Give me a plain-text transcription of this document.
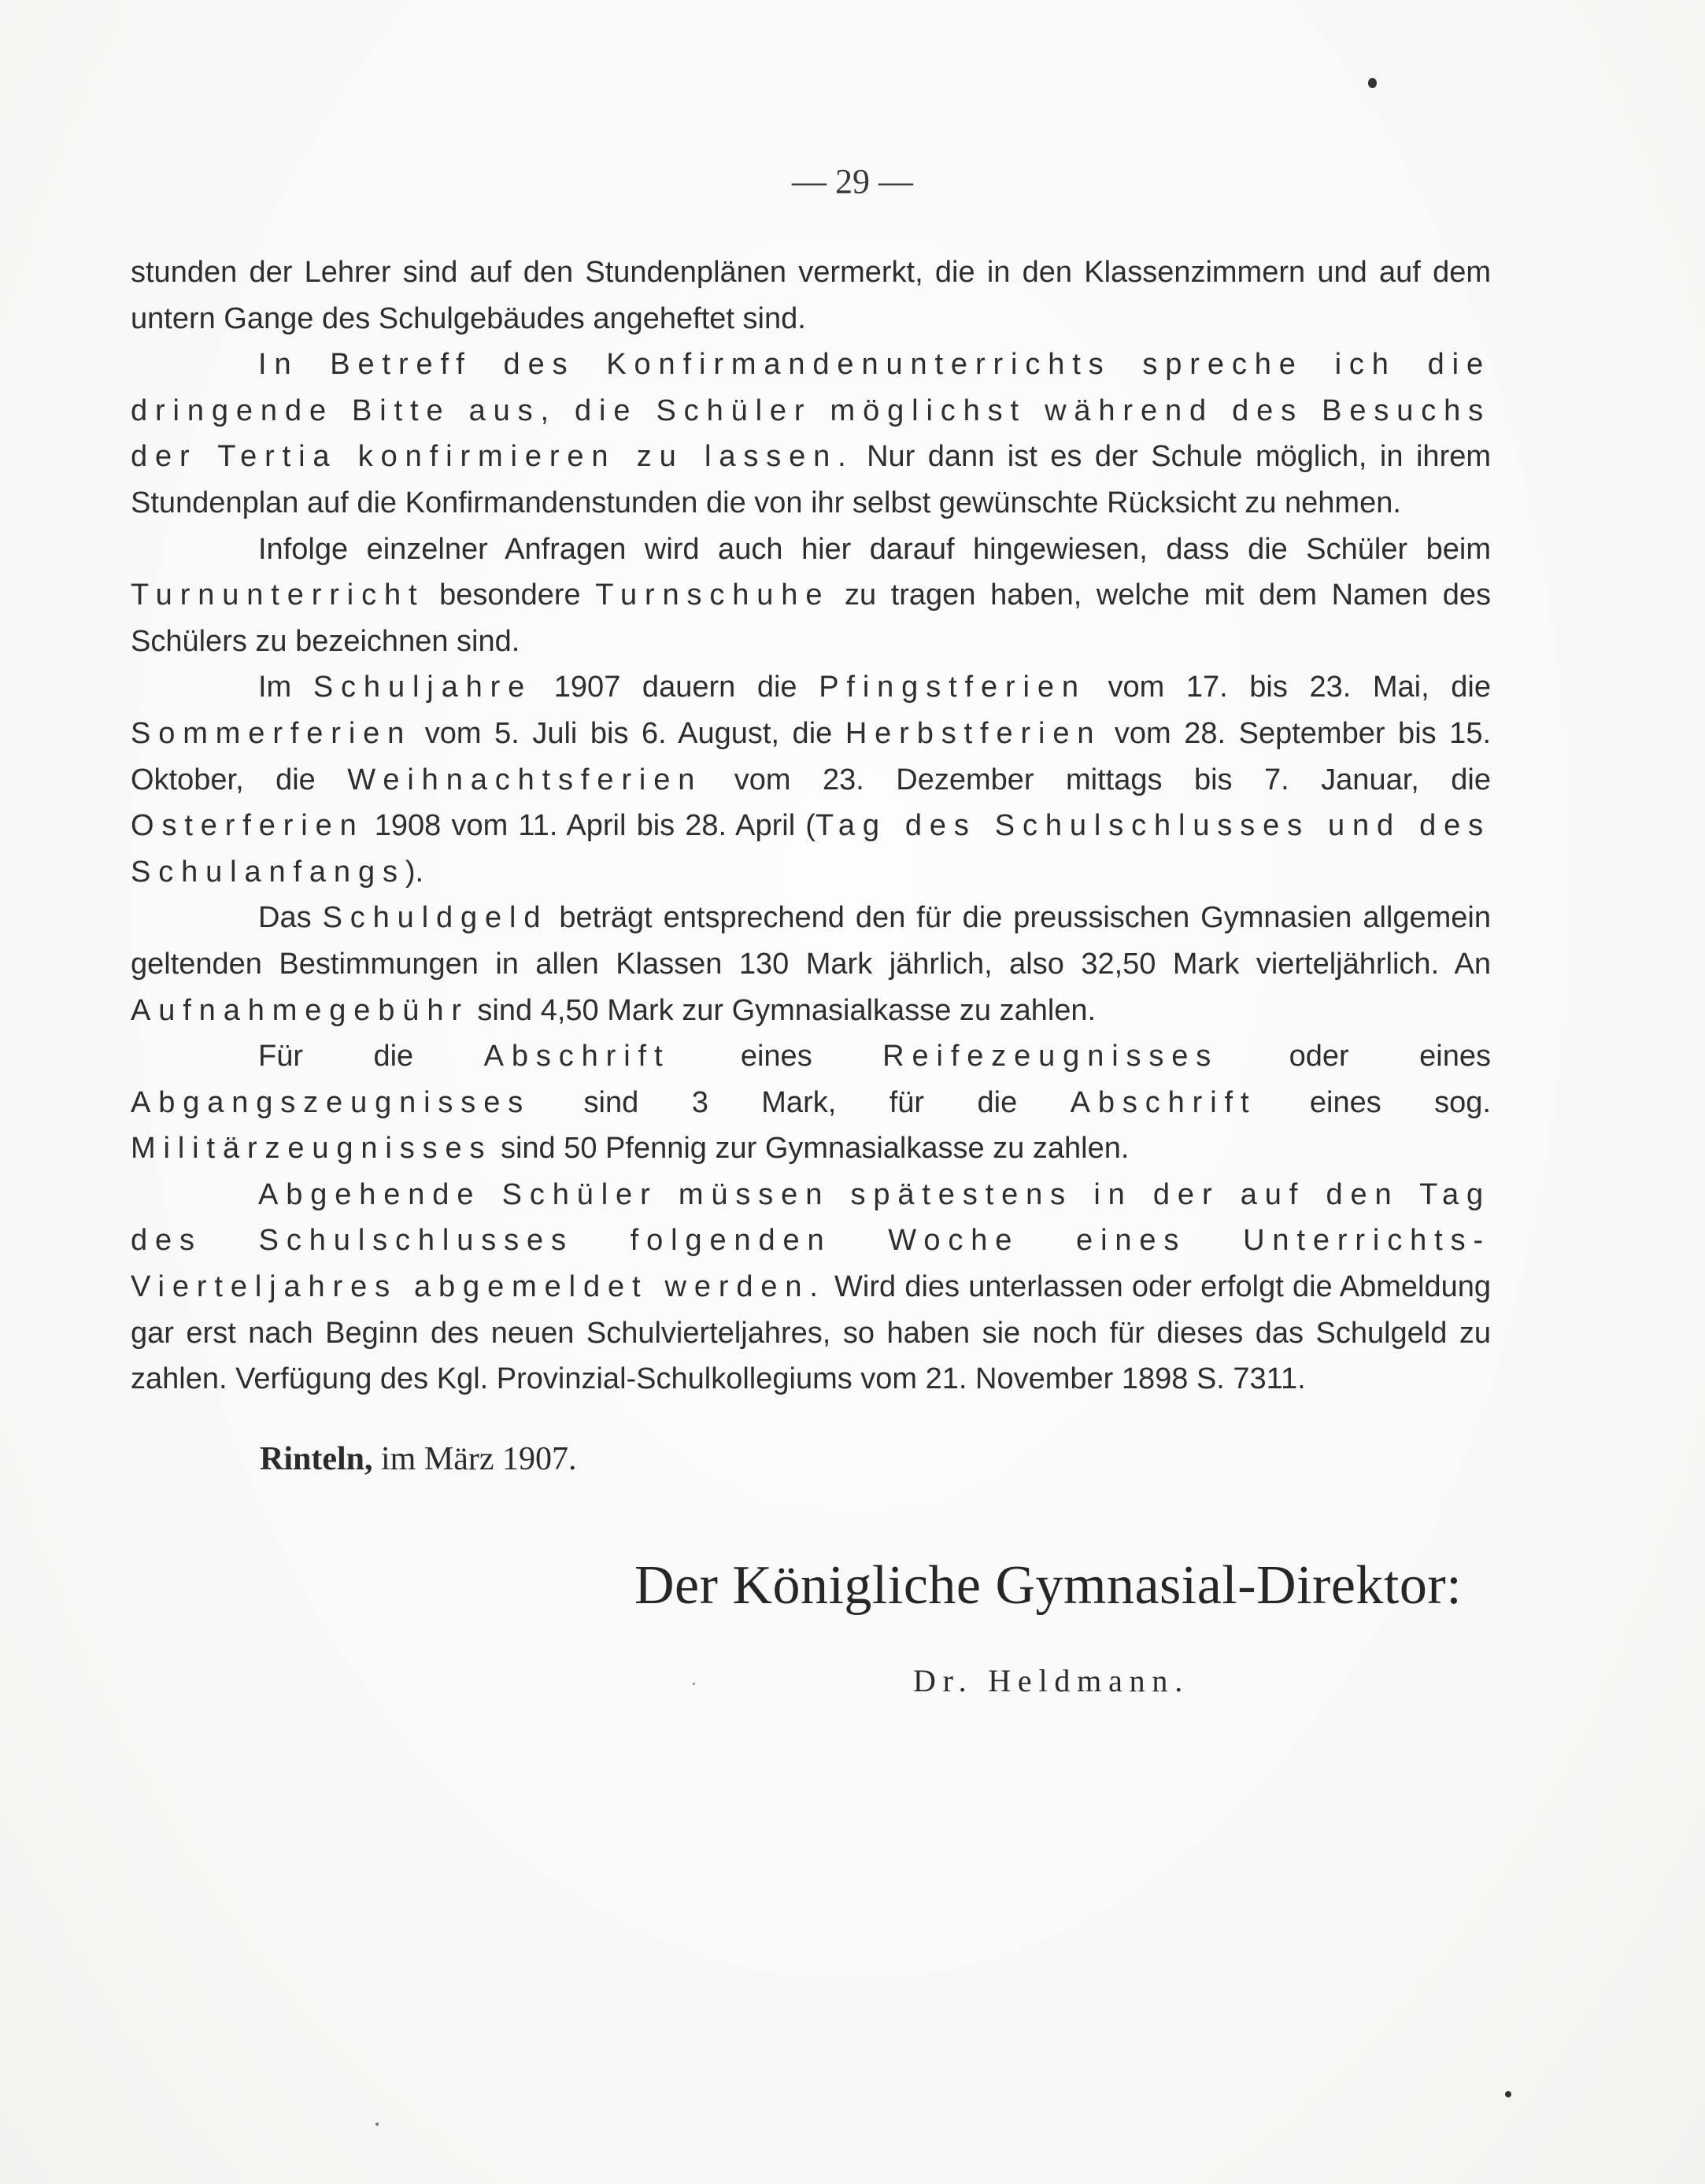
— 29 —

stunden der Lehrer sind auf den Stundenplänen vermerkt, die in den Klassenzimmern und auf dem untern Gange des Schulgebäudes angeheftet sind.

In Betreff des Konfirmandenunterrichts spreche ich die dringende Bitte aus, die Schüler möglichst während des Besuchs der Tertia konfirmieren zu lassen. Nur dann ist es der Schule möglich, in ihrem Stundenplan auf die Konfirmandenstunden die von ihr selbst gewünschte Rücksicht zu nehmen.

Infolge einzelner Anfragen wird auch hier darauf hingewiesen, dass die Schüler beim Turnunterricht besondere Turnschuhe zu tragen haben, welche mit dem Namen des Schülers zu bezeichnen sind.

Im Schuljahre 1907 dauern die Pfingstferien vom 17. bis 23. Mai, die Sommerferien vom 5. Juli bis 6. August, die Herbstferien vom 28. September bis 15. Oktober, die Weihnachtsferien vom 23. Dezember mittags bis 7. Januar, die Osterferien 1908 vom 11. April bis 28. April (Tag des Schulschlusses und des Schulanfangs).

Das Schuldgeld beträgt entsprechend den für die preussischen Gymnasien allgemein geltenden Bestimmungen in allen Klassen 130 Mark jährlich, also 32,50 Mark vierteljährlich. An Aufnahmegebühr sind 4,50 Mark zur Gymnasialkasse zu zahlen.

Für die Abschrift eines Reifezeugnisses oder eines Abgangszeugnisses sind 3 Mark, für die Abschrift eines sog. Militärzeugnisses sind 50 Pfennig zur Gymnasialkasse zu zahlen.

Abgehende Schüler müssen spätestens in der auf den Tag des Schulschlusses folgenden Woche eines Unterrichts-Vierteljahres abgemeldet werden. Wird dies unterlassen oder erfolgt die Abmeldung gar erst nach Beginn des neuen Schulvierteljahres, so haben sie noch für dieses das Schulgeld zu zahlen. Verfügung des Kgl. Provinzial-Schulkollegiums vom 21. November 1898 S. 7311.

Rinteln, im März 1907.
Der Königliche Gymnasial-Direktor:
Dr. Heldmann.
